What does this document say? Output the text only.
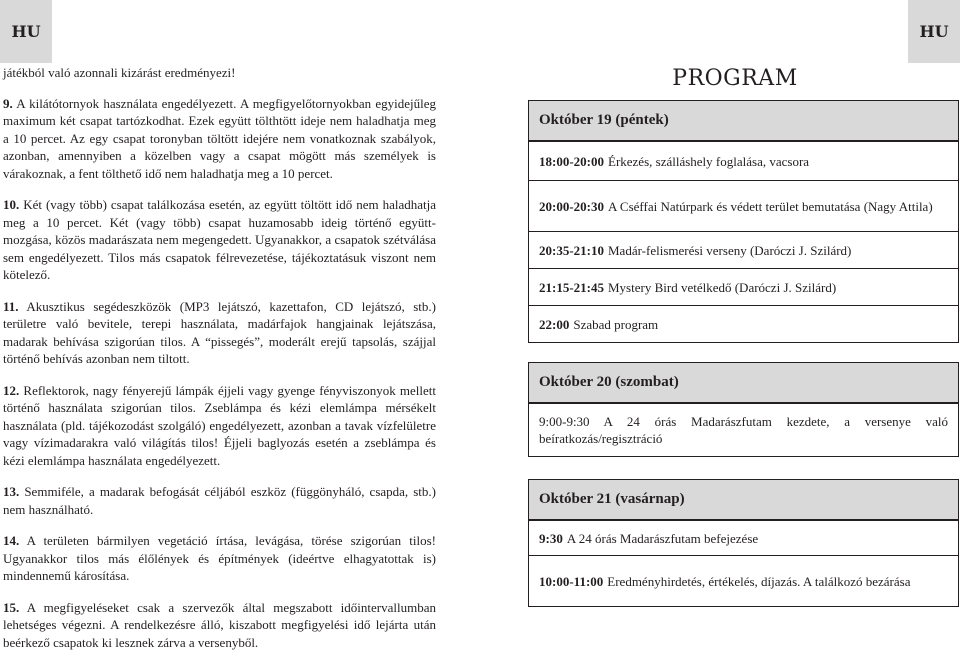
HU	HU

játékból való azonnali kizárást eredményezi!

9. A kilátótornyok használata engedélyezett. A megfigyelőtornyokban egyidejűleg maximum két csapat tartózkodhat. Ezek együtt tölthtött ideje nem haladhatja meg a 10 percet. Az egy csapat toronyban töltött idejére nem vonatkoznak szabályok, azonban, amennyiben a közelben vagy a csapat mögött más személyek is várakoznak, a fent tölthető idő nem haladhatja meg a 10 percet.

10. Két (vagy több) csapat találkozása esetén, az együtt töltött idő nem haladhatja meg a 10 percet. Két (vagy több) csapat huzamosabb ideig történő együtt-mozgása, közös madarászata nem megengedett. Ugyanakkor, a csapatok szétválása sem engedélyezett. Tilos más csapatok félrevezetése, tájékoztatásuk viszont nem kötelező.

11. Akusztikus segédeszközök (MP3 lejátszó, kazettafon, CD lejátszó, stb.) területre való bevitele, terepi használata, madárfajok hangjainak lejátszása, madarak behívása szigorúan tilos. A “pissegés”, moderált erejű tapsolás, szájjal történő behívás azonban nem tiltott.

12. Reflektorok, nagy fényerejű lámpák éjjeli vagy gyenge fényviszonyok mellett történő használata szigorúan tilos. Zseblámpa és kézi elemlámpa mérsékelt használata (pld. tájékozodást szolgáló) engedélyezett, azonban a tavak vízfelületre vagy vízimadarakra való világítás tilos! Éjjeli baglyozás esetén a zseblámpa és kézi elemlámpa használata engedélyezett.

13. Semmiféle, a madarak befogását céljából eszköz (függönyháló, csapda, stb.) nem használható.

14. A területen bármilyen vegetáció írtása, levágása, törése szigorúan tilos! Ugyanakkor tilos más élőlények és építmények (ideértve elhagyatottak is) mindennemű károsítása.

15. A megfigyeléseket csak a szervezők által megszabott időintervallumban lehetséges végezni. A rendelkezésre álló, kiszabott megfigyelési idő lejárta után beérkező csapatok ki lesznek zárva a versenyből.

PROGRAM
Október 19 (péntek)
18:00-20:00 Érkezés, szálláshely foglalása, vacsora
20:00-20:30 A Cséffai Natúrpark és védett terület bemutatása (Nagy Attila)
20:35-21:10 Madár-felismerési verseny (Daróczi J. Szilárd)
21:15-21:45 Mystery Bird vetélkedő (Daróczi J. Szilárd)
22:00 Szabad program
Október 20 (szombat)
9:00-9:30 A 24 órás Madarászfutam kezdete, a versenye való beíratkozás/regisztráció
Október 21 (vasárnap)
9:30 A 24 órás Madarászfutam befejezése
10:00-11:00 Eredményhirdetés, értékelés, díjazás. A találkozó bezárása
